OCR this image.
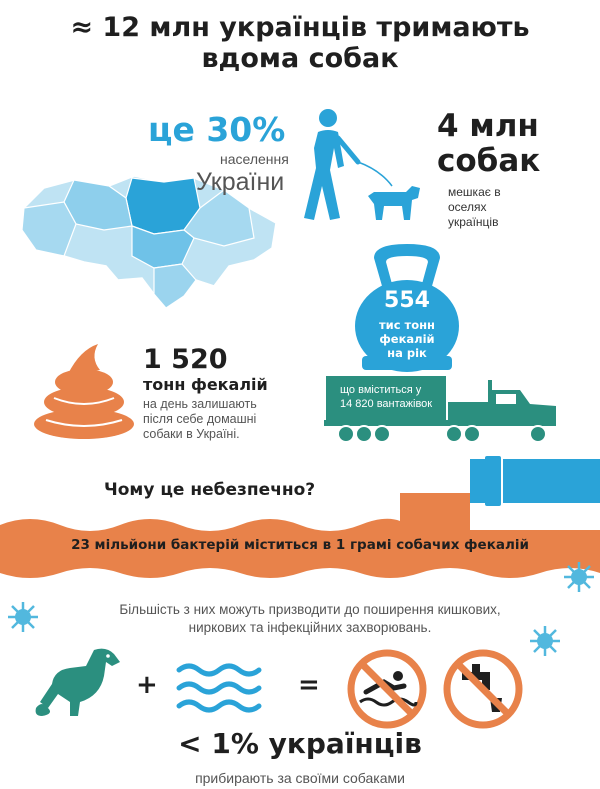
≈ 12 млн українців тримають
вдома собак
це 30%
населення
України
4 млн
собак
мешкає в
оселях
українців
554
тис тонн
фекалій
на рік
1 520
тонн фекалій
на день залишають
після себе домашні
собаки в Україні.
що вміститься у
14 820 вантажівок
Чому це небезпечно?
23 мільйони бактерій міститься в 1 грамі собачих фекалій
Більшість з них можуть призводити до поширення кишкових,
ниркових та інфекційних захворювань.
+	=
< 1% українців
прибирають за своїми собаками
